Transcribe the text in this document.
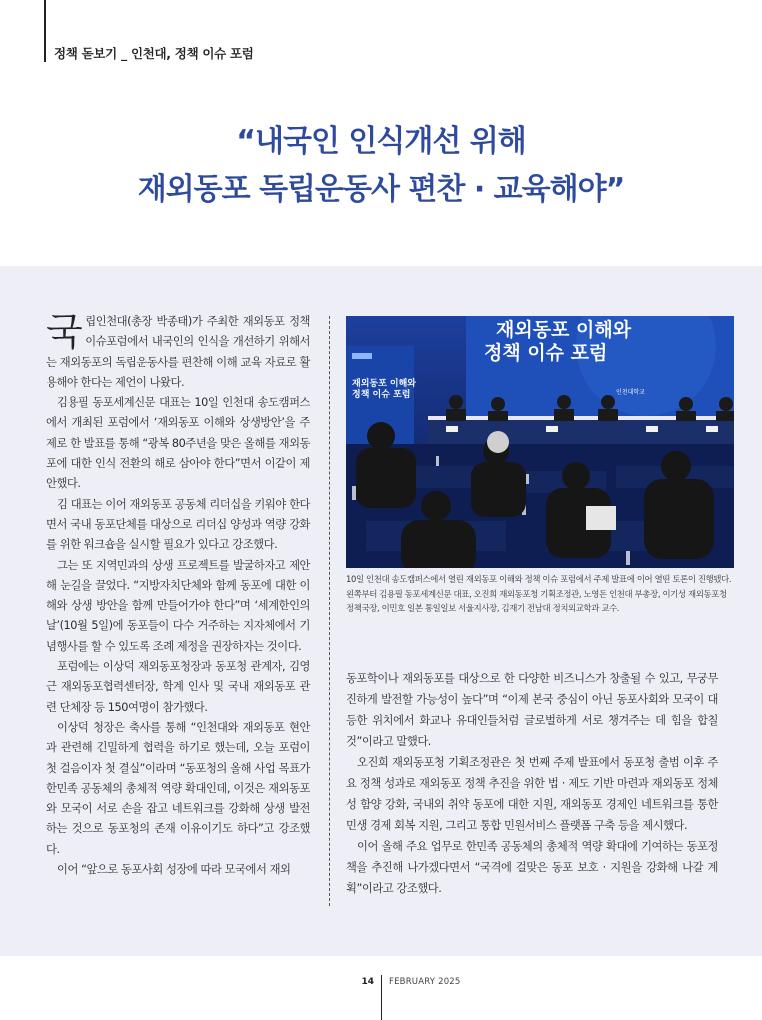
정책 돋보기 _ 인천대, 정책 이슈 포럼
“내국인 인식개선 위해
재외동포 독립운동사 편찬 · 교육해야”

국립인천대(총장 박종태)가 주최한 재외동포 정책 이슈포럼에서 내국인의 인식을 개선하기 위해서는 재외동포의 독립운동사를 편찬해 이해 교육 자료로 활용해야 한다는 제언이 나왔다.

김용필 동포세계신문 대표는 10일 인천대 송도캠퍼스에서 개최된 포럼에서 ‘재외동포 이해와 상생방안’을 주제로 한 발표를 통해 “광복 80주년을 맞은 올해를 재외동포에 대한 인식 전환의 해로 삼아야 한다”면서 이같이 제안했다.

김 대표는 이어 재외동포 공동체 리더십을 키워야 한다면서 국내 동포단체를 대상으로 리더십 양성과 역량 강화를 위한 워크숍을 실시할 필요가 있다고 강조했다.

그는 또 지역민과의 상생 프로젝트를 발굴하자고 제안해 눈길을 끌었다. “지방자치단체와 함께 동포에 대한 이해와 상생 방안을 함께 만들어가야 한다”며 ‘세계한인의 날’(10월 5일)에 동포들이 다수 거주하는 지자체에서 기념행사를 할 수 있도록 조례 제정을 권장하자는 것이다.

포럼에는 이상덕 재외동포청장과 동포청 관계자, 김영근 재외동포협력센터장, 학계 인사 및 국내 재외동포 관련 단체장 등 150여명이 참가했다.

이상덕 청장은 축사를 통해 “인천대와 재외동포 현안과 관련해 긴밀하게 협력을 하기로 했는데, 오늘 포럼이 첫 걸음이자 첫 결실”이라며 “동포청의 올해 사업 목표가 한민족 공동체의 총체적 역량 확대인데, 이것은 재외동포와 모국이 서로 손을 잡고 네트워크를 강화해 상생 발전하는 것으로 동포청의 존재 이유이기도 하다”고 강조했다.

이어 “앞으로 동포사회 성장에 따라 모국에서 재외

재외동포 이해와
정책 이슈 포럼
재외동포 이해와
정책 이슈 포럼	인천대학교
10일 인천대 송도캠퍼스에서 열린 재외동포 이해와 정책 이슈 포럼에서 주제 발표에 이어 열띤 토론이 진행됐다. 왼쪽부터 김용필 동포세계신문 대표, 오진희 재외동포청 기획조정관, 노영돈 인천대 부총장, 이기성 재외동포청 정책국장, 이민호 일본 통일일보 서울지사장, 김재기 전남대 정치외교학과 교수.

동포학이나 재외동포를 대상으로 한 다양한 비즈니스가 창출될 수 있고, 무궁무진하게 발전할 가능성이 높다”며 “이제 본국 중심이 아닌 동포사회와 모국이 대등한 위치에서 화교나 유대인들처럼 글로벌하게 서로 챙겨주는 데 힘을 합칠 것”이라고 말했다.

오진희 재외동포청 기획조정관은 첫 번째 주제 발표에서 동포청 출범 이후 주요 정책 성과로 재외동포 정책 추진을 위한 법 · 제도 기반 마련과 재외동포 정체성 함양 강화, 국내외 취약 동포에 대한 지원, 재외동포 경제인 네트워크를 통한 민생 경제 회복 지원, 그리고 통합 민원서비스 플랫폼 구축 등을 제시했다.

이어 올해 주요 업무로 한민족 공동체의 총체적 역량 확대에 기여하는 동포정책을 추진해 나가겠다면서 “국격에 걸맞은 동포 보호 · 지원을 강화해 나갈 계획”이라고 강조했다.

14 FEBRUARY 2025
